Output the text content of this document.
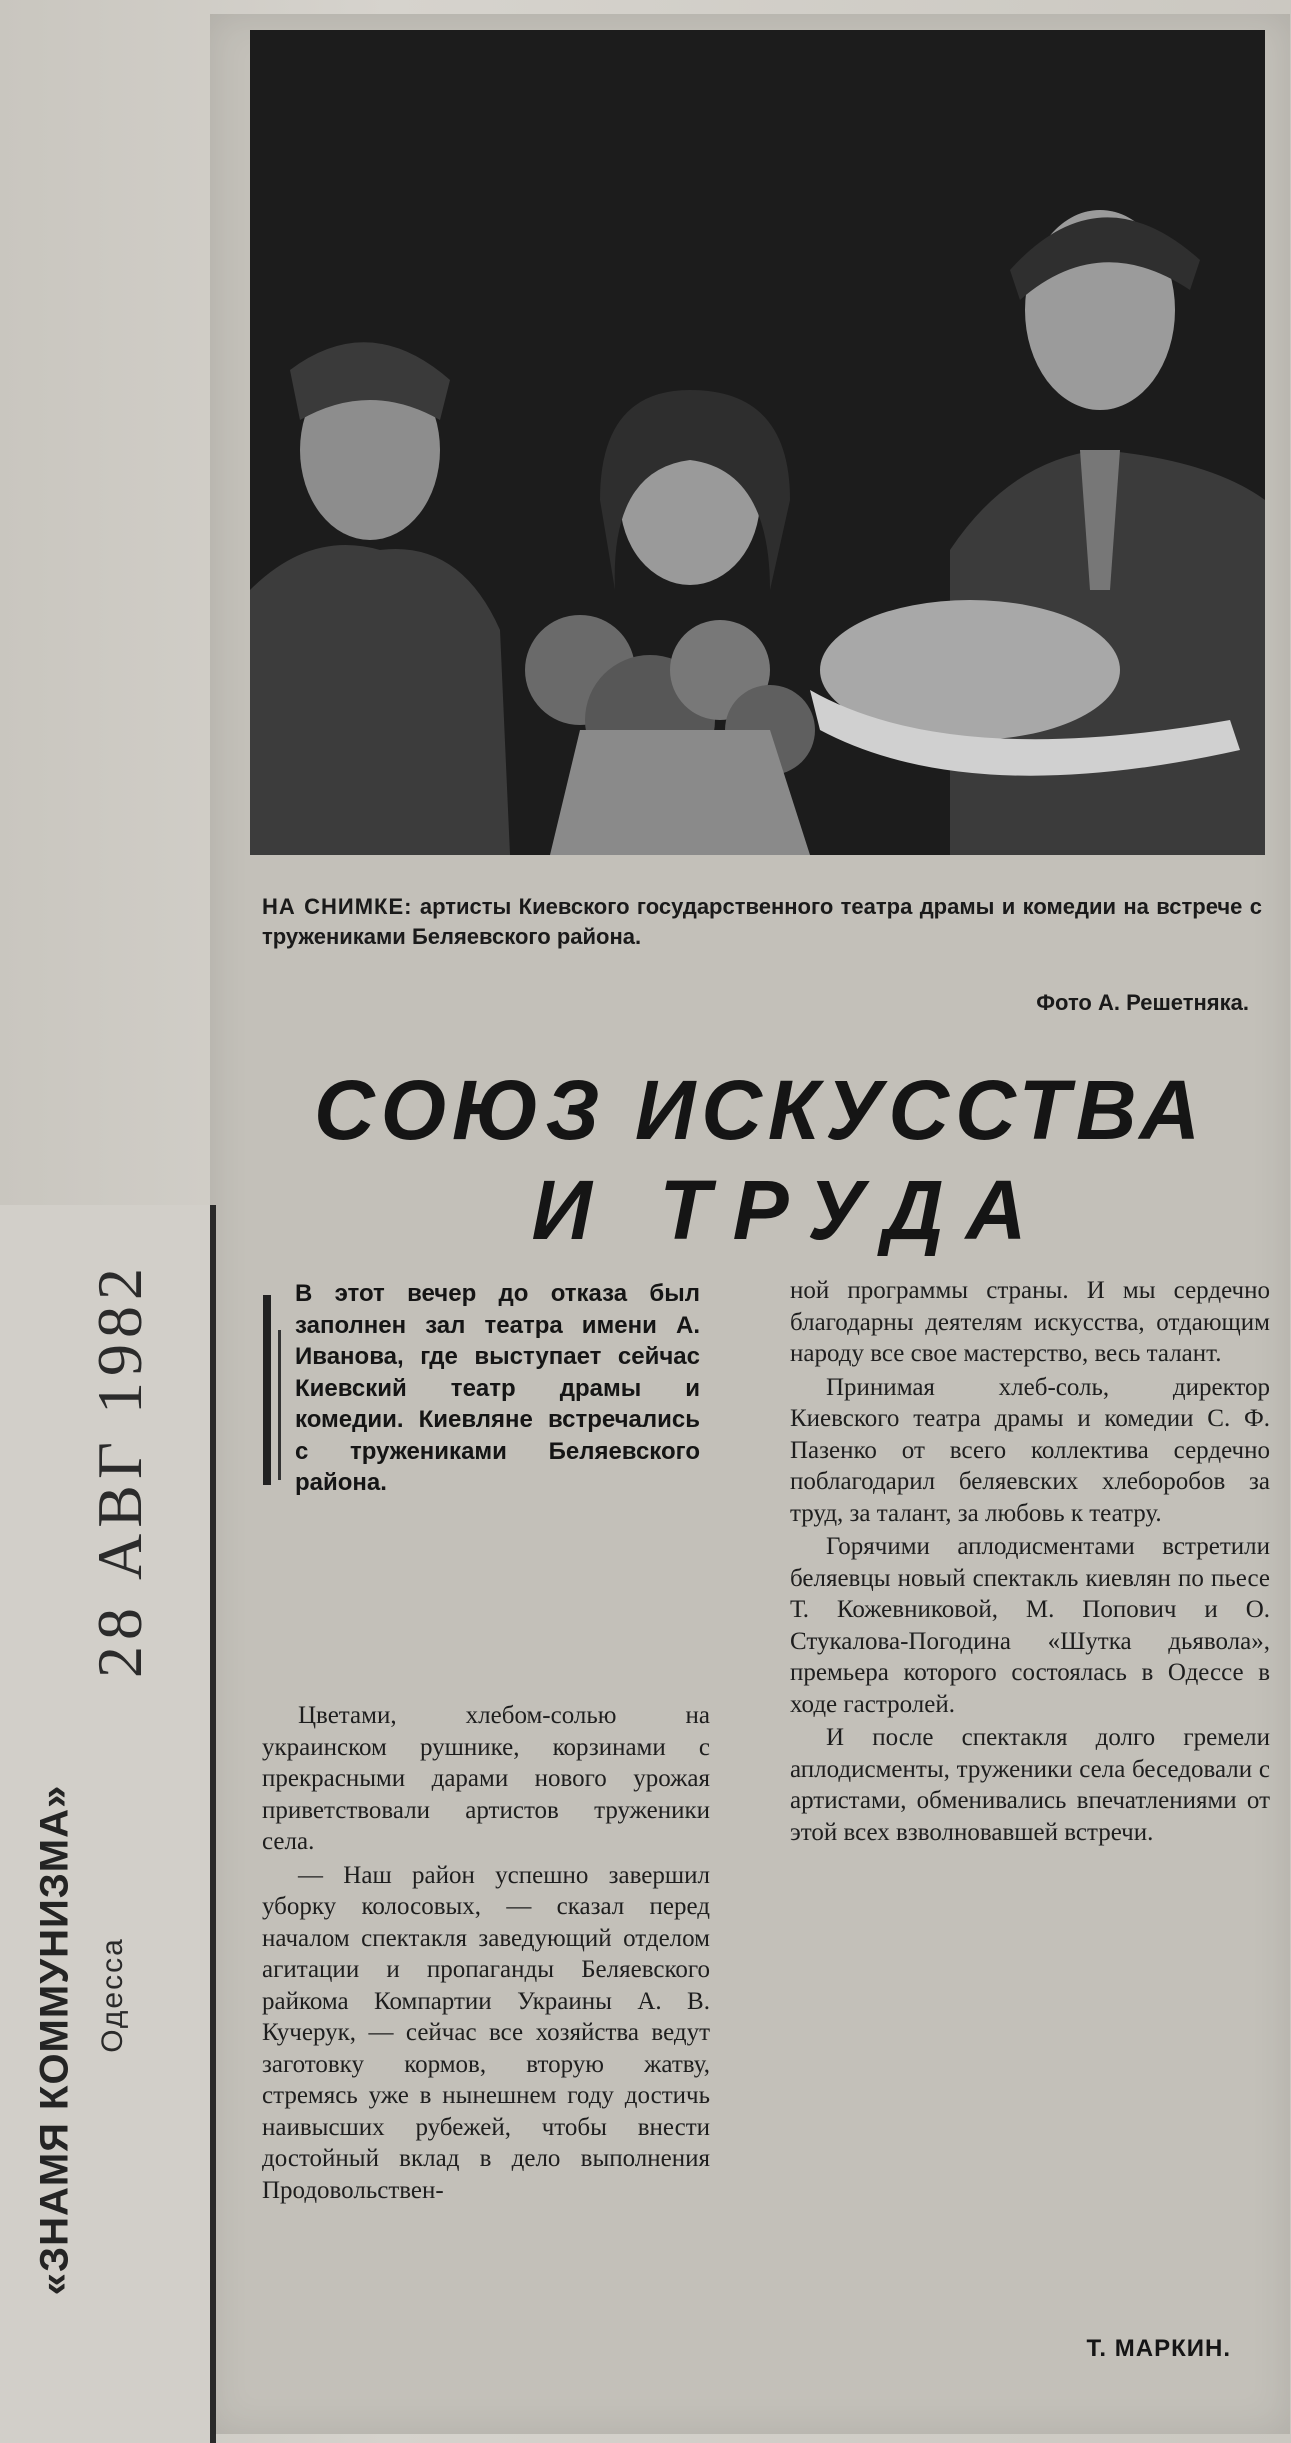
НА СНИМКЕ: артисты Киевского государственного театра драмы и комедии на встрече с тружениками Беляевского района.
Фото А. Решетняка.
СОЮЗ ИСКУССТВА
И ТРУДА
В этот вечер до отказа был заполнен зал театра имени А. Иванова, где выступает сейчас Киевский театр драмы и комедии. Киевляне встречались с тружениками Беляевского района.

Цветами, хлебом-солью на украинском рушнике, корзинами с прекрасными дарами нового урожая приветствовали артистов труженики села.

— Наш район успешно завершил уборку колосовых, — сказал перед началом спектакля заведующий отделом агитации и пропаганды Беляевского райкома Компартии Украины А. В. Кучерук, — сейчас все хозяйства ведут заготовку кормов, вторую жатву, стремясь уже в нынешнем году достичь наивысших рубежей, чтобы внести достойный вклад в дело выполнения Продовольствен-

ной программы страны. И мы сердечно благодарны деятелям искусства, отдающим народу все свое мастерство, весь талант.

Принимая хлеб-соль, директор Киевского театра драмы и комедии С. Ф. Пазенко от всего коллектива сердечно поблагодарил беляевских хлеборобов за труд, за талант, за любовь к театру.

Горячими аплодисментами встретили беляевцы новый спектакль киевлян по пьесе Т. Кожевниковой, М. Попович и О. Стукалова-Погодина «Шутка дьявола», премьера которого состоялась в Одессе в ходе гастролей.

И после спектакля долго гремели аплодисменты, труженики села беседовали с артистами, обменивались впечатлениями от этой всех взволновавшей встречи.

Т. МАРКИН.
28 АВГ 1982
«ЗНАМЯ КОММУНИЗМА» Одесса
